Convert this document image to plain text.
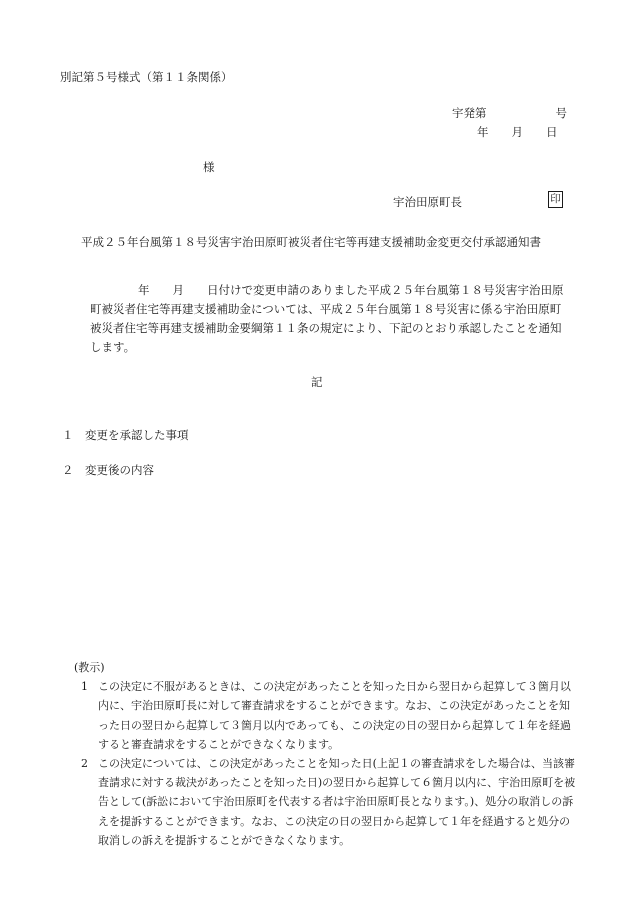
別記第５号様式（第１１条関係）
宇発第　　　　　　号
年　　月　　日
様
宇治田原町長	印
平成２５年台風第１８号災害宇治田原町被災者住宅等再建支援補助金変更交付承認通知書
年　　月　　日付けで変更申請のありました平成２５年台風第１８号災害宇治田原町被災者住宅等再建支援補助金については、平成２５年台風第１８号災害に係る宇治田原町被災者住宅等再建支援補助金要綱第１１条の規定により、下記のとおり承認したことを通知します。
記
１　変更を承認した事項
２　変更後の内容
(教示)
1 この決定に不服があるときは、この決定があったことを知った日から翌日から起算して３箇月以内に、宇治田原町長に対して審査請求をすることができます。なお、この決定があったことを知った日の翌日から起算して３箇月以内であっても、この決定の日の翌日から起算して１年を経過すると審査請求をすることができなくなります。
2 この決定については、この決定があったことを知った日(上記１の審査請求をした場合は、当該審査請求に対する裁決があったことを知った日)の翌日から起算して６箇月以内に、宇治田原町を被告として(訴訟において宇治田原町を代表する者は宇治田原町長となります。)、処分の取消しの訴えを提訴することができます。なお、この決定の日の翌日から起算して１年を経過すると処分の取消しの訴えを提訴することができなくなります。
